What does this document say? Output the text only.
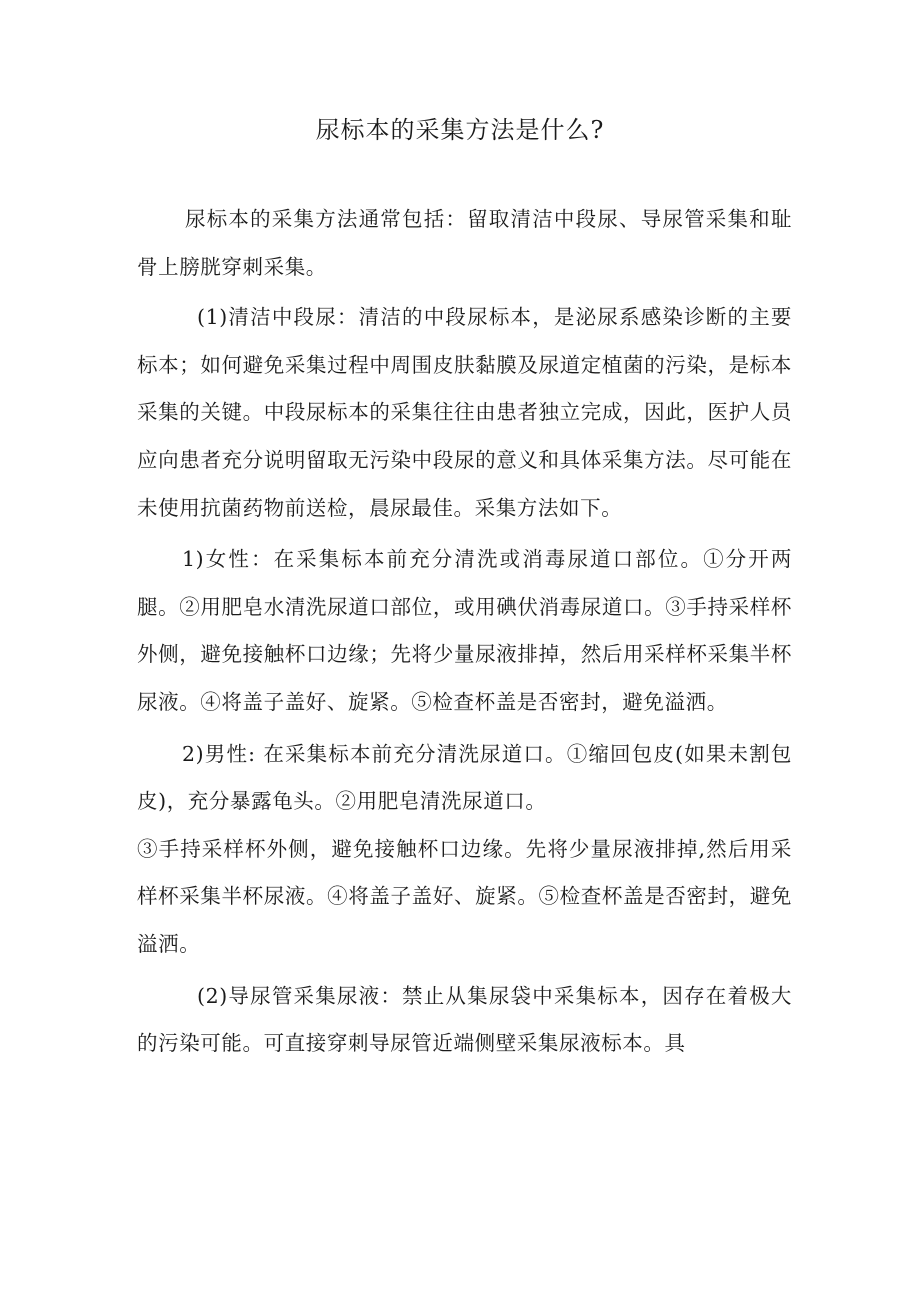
尿标本的采集方法是什么?

尿标本的采集方法通常包括：留取清洁中段尿、导尿管采集和耻骨上膀胱穿刺采集。

(1)清洁中段尿：清洁的中段尿标本，是泌尿系感染诊断的主要标本；如何避免采集过程中周围皮肤黏膜及尿道定植菌的污染，是标本采集的关键。中段尿标本的采集往往由患者独立完成，因此，医护人员应向患者充分说明留取无污染中段尿的意义和具体采集方法。尽可能在未使用抗菌药物前送检，晨尿最佳。采集方法如下。

1)女性：在采集标本前充分清洗或消毒尿道口部位。①分开两腿。②用肥皂水清洗尿道口部位，或用碘伏消毒尿道口。③手持采样杯外侧，避免接触杯口边缘；先将少量尿液排掉，然后用采样杯采集半杯尿液。④将盖子盖好、旋紧。⑤检查杯盖是否密封，避免溢洒。

2)男性: 在采集标本前充分清洗尿道口。①缩回包皮(如果未割包皮)，充分暴露龟头。②用肥皂清洗尿道口。

③手持采样杯外侧，避免接触杯口边缘。先将少量尿液排掉,然后用采样杯采集半杯尿液。④将盖子盖好、旋紧。⑤检查杯盖是否密封，避免溢洒。

(2)导尿管采集尿液：禁止从集尿袋中采集标本，因存在着极大的污染可能。可直接穿刺导尿管近端侧壁采集尿液标本。具
